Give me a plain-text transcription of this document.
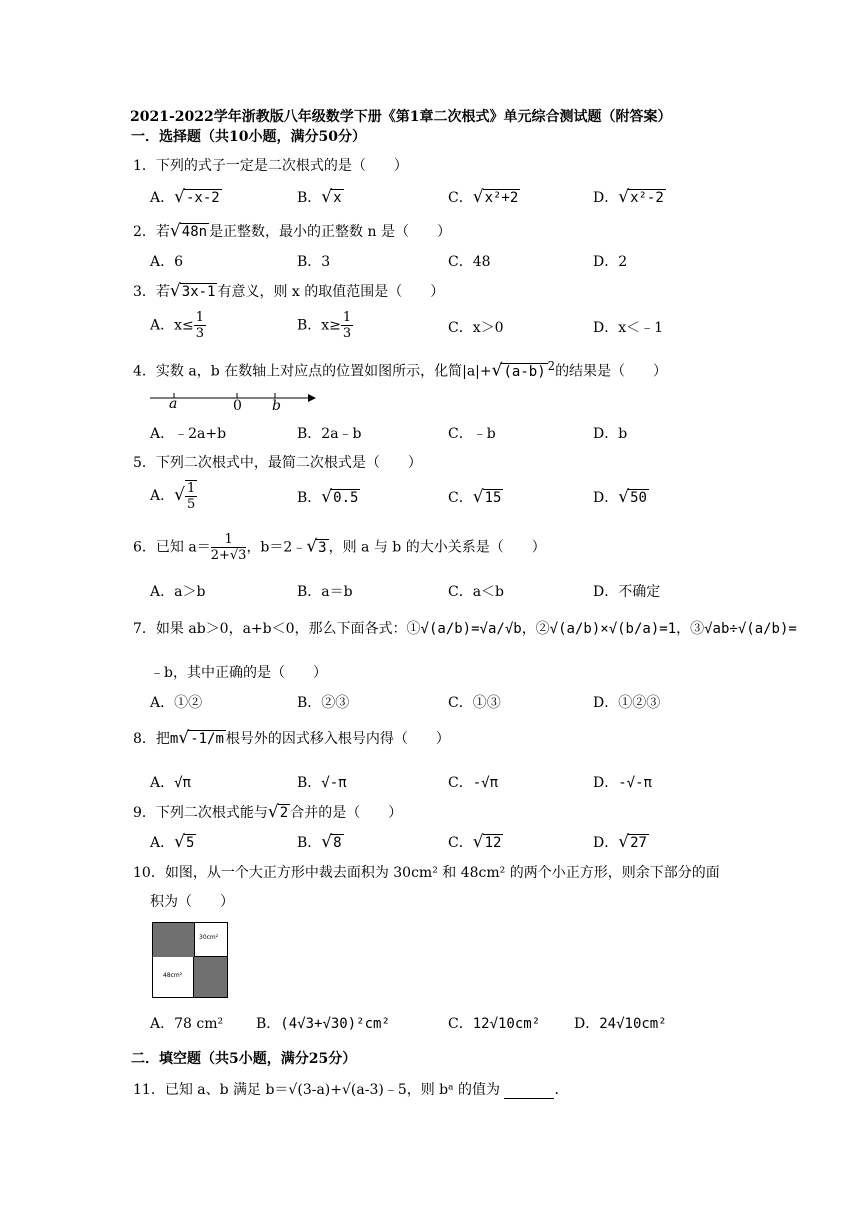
2021-2022学年浙教版八年级数学下册《第1章二次根式》单元综合测试题（附答案）
一．选择题（共10小题，满分50分）
1．下列的式子一定是二次根式的是（　　）
A．√-x-2	B．√x	C．√x²+2	D．√x²-2
2．若√48n 是正整数，最小的正整数 n 是（　　）
A．6	B．3	C．48	D．2
3．若√3x-1 有意义，则 x 的取值范围是（　　）
A．$x\le \frac{1}{3}$	B．$x\ge \frac{1}{3}$	C．x＞0	D．x＜﹣1
4．实数 a，b 在数轴上对应点的位置如图所示，化简|a|+√(a-b) $^2$的结果是（　　）
a	0 b
A．﹣2a+b	B．2a﹣b	C．﹣b	D．b
5．下列二次根式中，最简二次根式是（　　）
A．√ $\frac{1}{5}$	B．√0.5	C．√15	D．√50
6．已知 $a= \frac{1}{2+√3}$ ，b＝2﹣√3 ，则 a 与 b 的大小关系是（　　）
A．a＞b	B．a＝b	C．a＜b	D．不确定
7．如果 ab＞0，a+b＜0，那么下面各式：①√(a/b)=√a/√b，②√(a/b)×√(b/a)=1，③√ab÷√(a/b)=
﹣b，其中正确的是（　　）
A．①②	B．②③	C．①③	D．①②③
8．把m√-1/m 根号外的因式移入根号内得（　　）
A．√π	B．√-π	C．-√π	D．-√-π
9．下列二次根式能与√2 合并的是（　　）
A．√5	B．√8	C．√12	D．√27
10．如图，从一个大正方形中裁去面积为 30cm² 和 48cm² 的两个小正方形，则余下部分的面
积为（　　）
30cm²
48cm²
A．78 cm² B．(4√3+√30)²cm²	C．12√10cm² D．24√10cm²
二．填空题（共5小题，满分25分）
11．已知 a、b 满足 b＝√(3-a)+√(a-3)﹣5，则 bᵃ 的值为	．
